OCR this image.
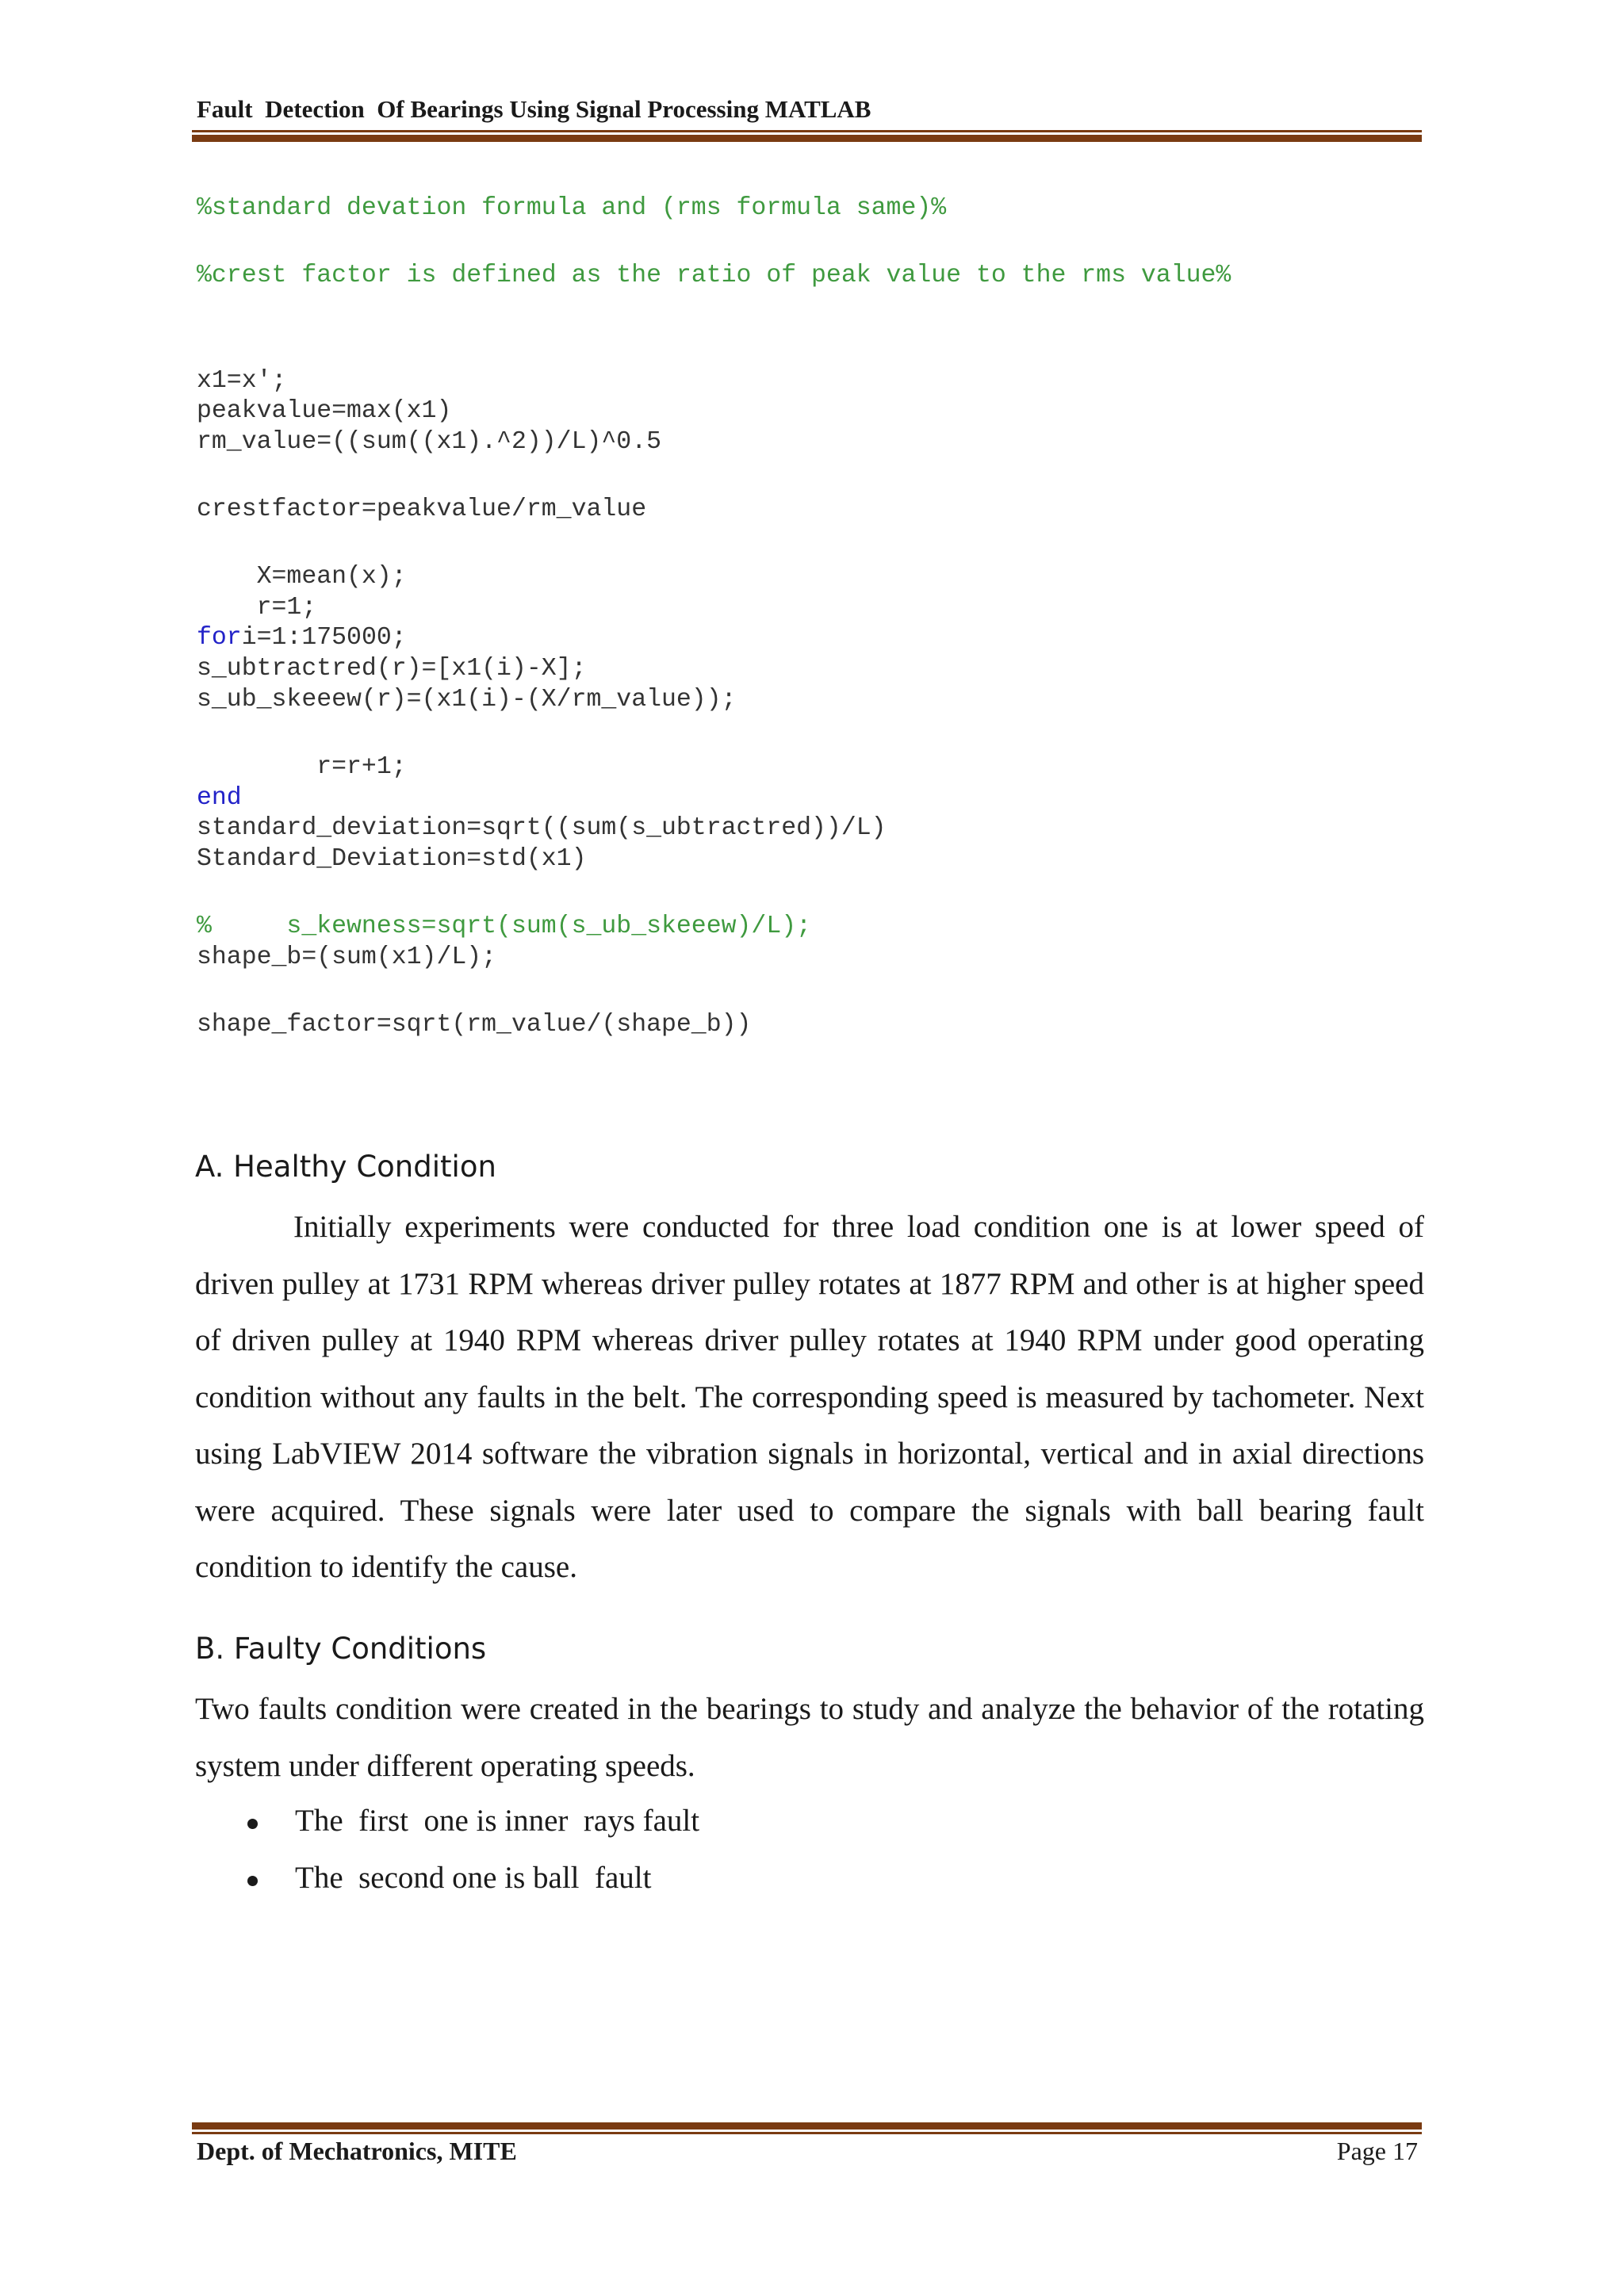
Fault  Detection  Of Bearings Using Signal Processing MATLAB
%standard devation formula and (rms formula same)%
%crest factor is defined as the ratio of peak value to the rms value%
x1=x';
peakvalue=max(x1)
rm_value=((sum((x1).^2))/L)^0.5
crestfactor=peakvalue/rm_value
X=mean(x);
r=1;
fori=1:175000;
s_ubtractred(r)=[x1(i)-X];
s_ub_skeeew(r)=(x1(i)-(X/rm_value));
r=r+1;
end
standard_deviation=sqrt((sum(s_ubtractred))/L)
Standard_Deviation=std(x1)
%     s_kewness=sqrt(sum(s_ub_skeeew)/L);
shape_b=(sum(x1)/L);
shape_factor=sqrt(rm_value/(shape_b))
A. Healthy Condition

Initially experiments were conducted for three load condition one is at lower speed of driven pulley at 1731 RPM whereas driver pulley rotates at 1877 RPM and other is at higher speed of driven pulley at 1940 RPM whereas driver pulley rotates at 1940 RPM under good operating condition without any faults in the belt. The corresponding speed is measured by tachometer. Next using LabVIEW 2014 software the vibration signals in horizontal, vertical and in axial directions were acquired. These signals were later used to compare the signals with ball bearing fault condition to identify the cause.

B. Faulty Conditions

Two faults condition were created in the bearings to study and analyze the behavior of the rotating system under different operating speeds.

The  first  one is inner  rays fault
The  second one is ball  fault
Dept. of Mechatronics, MITE	Page 17
